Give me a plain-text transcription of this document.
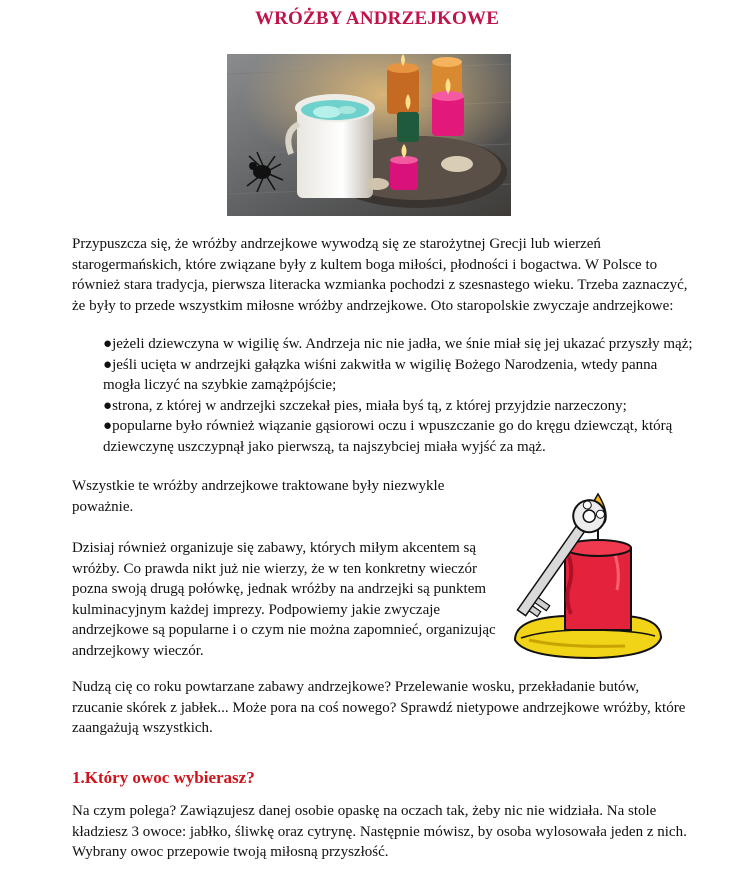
WRÓŻBY ANDRZEJKOWE
Przypuszcza się, że wróżby andrzejkowe wywodzą się ze starożytnej Grecji lub wierzeń starogermańskich, które związane były z kultem boga miłości, płodności i bogactwa. W Polsce to również stara tradycja, pierwsza literacka wzmianka pochodzi z szesnastego wieku. Trzeba zaznaczyć, że były to przede wszystkim miłosne wróżby andrzejkowe. Oto staropolskie zwyczaje andrzejkowe:
●jeżeli dziewczyna w wigilię św. Andrzeja nic nie jadła, we śnie miał się jej ukazać przyszły mąż;
●jeśli ucięta w andrzejki gałązka wiśni zakwitła w wigilię Bożego Narodzenia, wtedy panna mogła liczyć na szybkie zamążpójście;
●strona, z której w andrzejki szczekał pies, miała byś tą, z której przyjdzie narzeczony;
●popularne było również wiązanie gąsiorowi oczu i wpuszczanie go do kręgu dziewcząt, którą dziewczynę uszczypnął jako pierwszą, ta najszybciej miała wyjść za mąż.
Wszystkie te wróżby andrzejkowe traktowane były niezwykle poważnie.
Dzisiaj również organizuje się zabawy, których miłym akcentem są wróżby. Co prawda nikt już nie wierzy, że w ten konkretny wieczór pozna swoją drugą połówkę, jednak wróżby na andrzejki są punktem kulminacyjnym każdej imprezy. Podpowiemy jakie zwyczaje andrzejkowe są popularne i o czym nie można zapomnieć, organizując andrzejkowy wieczór.
Nudzą cię co roku powtarzane zabawy andrzejkowe? Przelewanie wosku, przekładanie butów, rzucanie skórek z jabłek... Może pora na coś nowego? Sprawdź nietypowe andrzejkowe wróżby, które zaangażują wszystkich.
1.Który owoc wybierasz?
Na czym polega? Zawiązujesz danej osobie opaskę na oczach tak, żeby nic nie widziała. Na stole kładziesz 3 owoce: jabłko, śliwkę oraz cytrynę. Następnie mówisz, by osoba wylosowała jeden z nich. Wybrany owoc przepowie twoją miłosną przyszłość.
